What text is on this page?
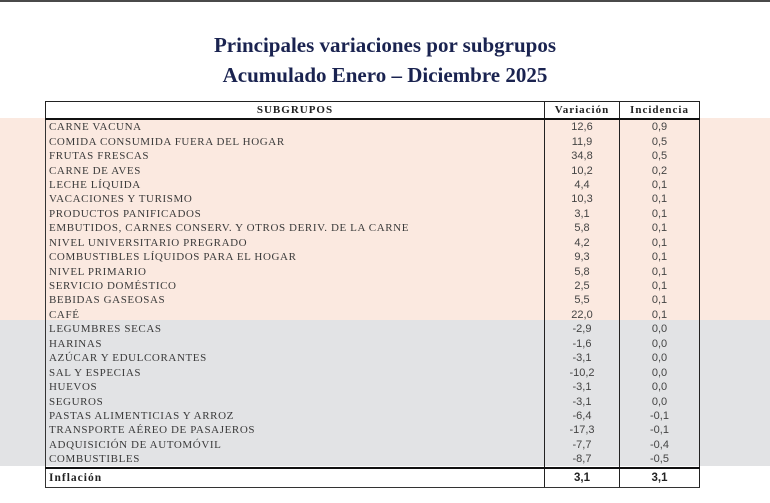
Principales variaciones por subgrupos
Acumulado Enero – Diciembre 2025
SUBGRUPOS	Variación	Incidencia
CARNE VACUNA	12,6	0,9
COMIDA CONSUMIDA FUERA DEL HOGAR	11,9	0,5
FRUTAS FRESCAS	34,8	0,5
CARNE DE AVES	10,2	0,2
LECHE LÍQUIDA	4,4	0,1
VACACIONES Y TURISMO	10,3	0,1
PRODUCTOS PANIFICADOS	3,1	0,1
EMBUTIDOS, CARNES CONSERV. Y OTROS DERIV. DE LA CARNE	5,8	0,1
NIVEL UNIVERSITARIO PREGRADO	4,2	0,1
COMBUSTIBLES LÍQUIDOS PARA EL HOGAR	9,3	0,1
NIVEL PRIMARIO	5,8	0,1
SERVICIO DOMÉSTICO	2,5	0,1
BEBIDAS GASEOSAS	5,5	0,1
CAFÉ	22,0	0,1
LEGUMBRES SECAS	-2,9	0,0
HARINAS	-1,6	0,0
AZÚCAR Y EDULCORANTES	-3,1	0,0
SAL Y ESPECIAS	-10,2	0,0
HUEVOS	-3,1	0,0
SEGUROS	-3,1	0,0
PASTAS ALIMENTICIAS Y ARROZ	-6,4	-0,1
TRANSPORTE AÉREO DE PASAJEROS	-17,3	-0,1
ADQUISICIÓN DE AUTOMÓVIL	-7,7	-0,4
COMBUSTIBLES	-8,7	-0,5
Inflación	3,1	3,1
